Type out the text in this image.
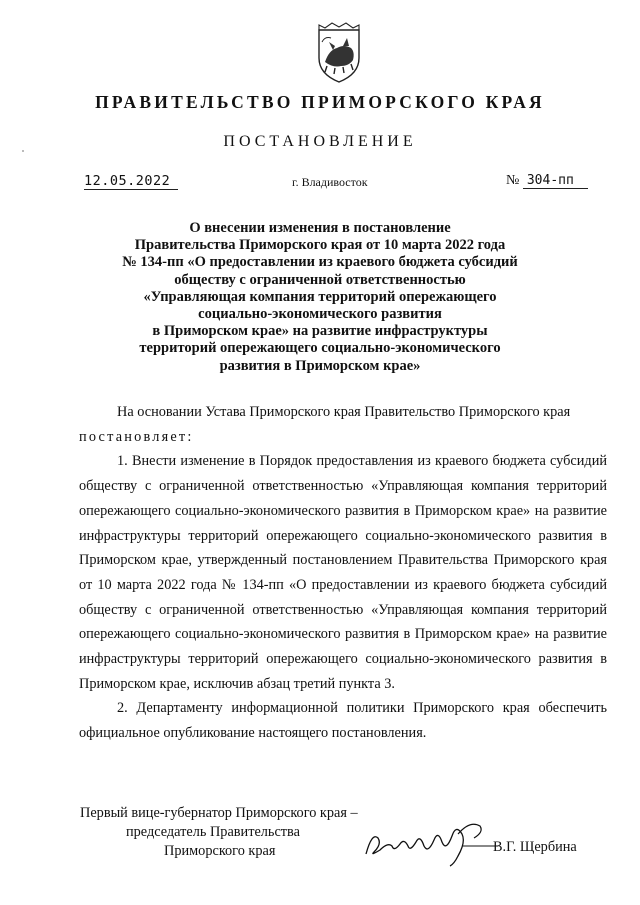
ПРАВИТЕЛЬСТВО ПРИМОРСКОГО КРАЯ
ПОСТАНОВЛЕНИЕ
12.05.2022	г. Владивосток	№ 304-пп
О внесении изменения в постановление
Правительства Приморского края от 10 марта 2022 года
№ 134-пп «О предоставлении из краевого бюджета субсидий
обществу с ограниченной ответственностью
«Управляющая компания территорий опережающего
социально-экономического развития
в Приморском крае» на развитие инфраструктуры
территорий опережающего социально-экономического
развития в Приморском крае»

На основании Устава Приморского края Правительство Приморского края

постановляет:

1. Внести изменение в Порядок предоставления из краевого бюджета субсидий обществу с ограниченной ответственностью «Управляющая компания территорий опережающего социально-экономического развития в Приморском крае» на развитие инфраструктуры территорий опережающего социально-экономического развития в Приморском крае, утвержденный постановлением Правительства Приморского края от 10 марта 2022 года № 134-пп «О предоставлении из краевого бюджета субсидий обществу с ограниченной ответственностью «Управляющая компания территорий опережающего социально-экономического развития в Приморском крае» на развитие инфраструктуры территорий опережающего социально-экономического развития в Приморском крае, исключив абзац третий пункта 3.

2. Департаменту информационной политики Приморского края обеспечить официальное опубликование настоящего постановления.

Первый вице-губернатор Приморского края –
председатель Правительства
Приморского края	В.Г. Щербина
